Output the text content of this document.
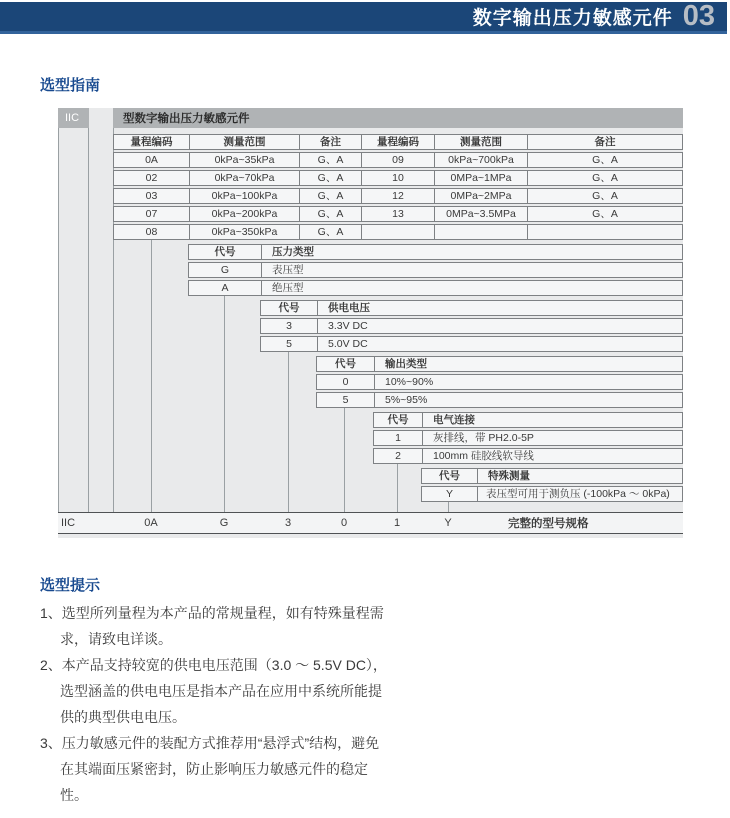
数字输出压力敏感元件 03
选型指南
IIC	型数字输出压力敏感元件
量程编码	测量范围	备注	量程编码	测量范围	备注
0A	0kPa~35kPa	G、A	09	0kPa~700kPa	G、A
02	0kPa~70kPa	G、A	10	0MPa~1MPa	G、A
03	0kPa~100kPa	G、A	12	0MPa~2MPa	G、A
07	0kPa~200kPa	G、A	13	0MPa~3.5MPa	G、A
08	0kPa~350kPa	G、A
代号	压力类型
G	表压型
A	绝压型
代号	供电电压
3	3.3V DC
5	5.0V DC
代号	输出类型
0	10%~90%
5	5%~95%
代号	电气连接
1	灰排线，带 PH2.0-5P
2	100mm 硅胶线软导线
代号	特殊测量
Y	表压型可用于测负压 (-100kPa ～ 0kPa)
IIC	0A	G	3	0	1	Y	完整的型号规格
选型提示
1、选型所列量程为本产品的常规量程，如有特殊量程需求，请致电详谈。
2、本产品支持较宽的供电电压范围（3.0 ～ 5.5V DC），选型涵盖的供电电压是指本产品在应用中系统所能提供的典型供电电压。
3、压力敏感元件的装配方式推荐用“悬浮式”结构，避免在其端面压紧密封，防止影响压力敏感元件的稳定性。
